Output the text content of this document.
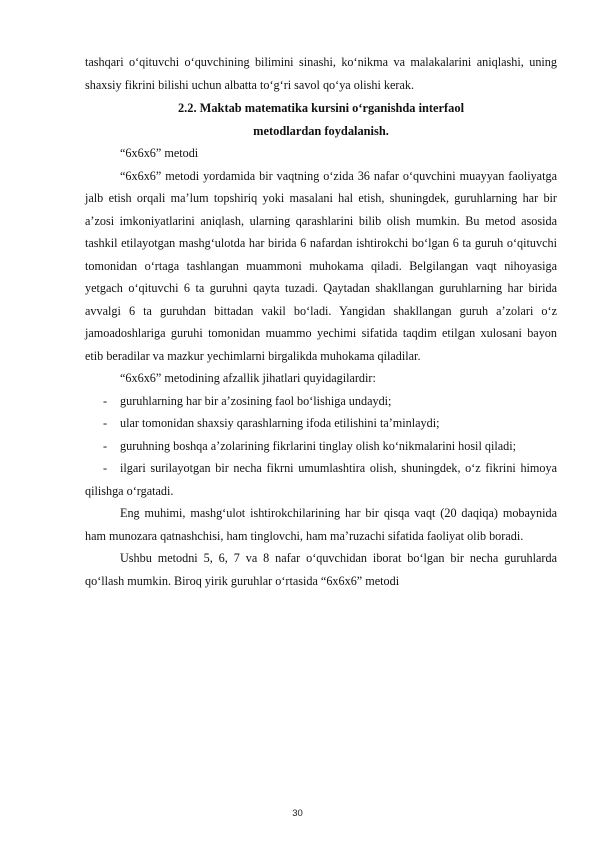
tashqari o‘qituvchi o‘quvchining bilimini sinashi, ko‘nikma va malakalarini aniqlashi, uning shaxsiy fikrini bilishi uchun albatta to‘g‘ri savol qo‘ya olishi kerak.

2.2. Maktab matematika kursini o‘rganishda interfaol

metodlardan foydalanish.

“6x6x6” metodi

“6x6x6” metodi yordamida bir vaqtning o‘zida 36 nafar o‘quvchini muayyan faoliyatga jalb etish orqali ma’lum topshiriq yoki masalani hal etish, shuningdek, guruhlarning har bir a’zosi imkoniyatlarini aniqlash, ularning qarashlarini bilib olish mumkin. Bu metod asosida tashkil etilayotgan mashg‘ulotda har birida 6 nafardan ishtirokchi bo‘lgan 6 ta guruh o‘qituvchi tomonidan o‘rtaga tashlangan muammoni muhokama qiladi. Belgilangan vaqt nihoyasiga yetgach o‘qituvchi 6 ta guruhni qayta tuzadi. Qaytadan shakllangan guruhlarning har birida avvalgi 6 ta guruhdan bittadan vakil bo‘ladi. Yangidan shakllangan guruh a’zolari o‘z jamoadoshlariga guruhi tomonidan muammo yechimi sifatida taqdim etilgan xulosani bayon etib beradilar va mazkur yechimlarni birgalikda muhokama qiladilar.

“6x6x6” metodining afzallik jihatlari quyidagilardir:

- guruhlarning har bir a’zosining faol bo‘lishiga undaydi;

- ular tomonidan shaxsiy qarashlarning ifoda etilishini ta’minlaydi;

- guruhning boshqa a’zolarining fikrlarini tinglay olish ko‘nikmalarini hosil qiladi;

- ilgari surilayotgan bir necha fikrni umumlashtira olish, shuningdek, o‘z fikrini himoya qilishga o‘rgatadi.

Eng muhimi, mashg‘ulot ishtirokchilarining har bir qisqa vaqt (20 daqiqa) mobaynida ham munozara qatnashchisi, ham tinglovchi, ham ma’ruzachi sifatida faoliyat olib boradi.

Ushbu metodni 5, 6, 7 va 8 nafar o‘quvchidan iborat bo‘lgan bir necha guruhlarda qo‘llash mumkin. Biroq yirik guruhlar o‘rtasida “6x6x6” metodi

30
